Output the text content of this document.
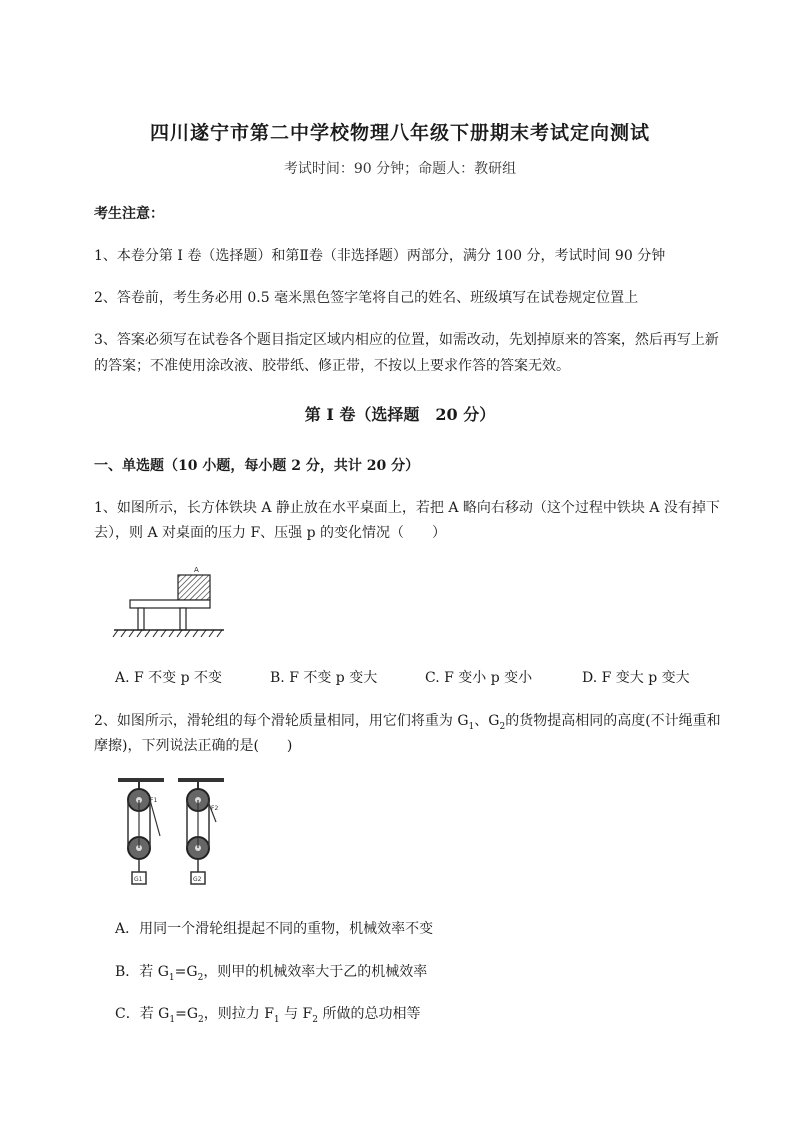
四川遂宁市第二中学校物理八年级下册期末考试定向测试
考试时间：90 分钟；命题人：教研组
考生注意：
1、本卷分第 I 卷（选择题）和第Ⅱ卷（非选择题）两部分，满分 100 分，考试时间 90 分钟
2、答卷前，考生务必用 0.5 毫米黑色签字笔将自己的姓名、班级填写在试卷规定位置上
3、答案必须写在试卷各个题目指定区域内相应的位置，如需改动，先划掉原来的答案，然后再写上新
的答案；不准使用涂改液、胶带纸、修正带，不按以上要求作答的答案无效。
第 I 卷（选择题　20 分）
一、单选题（10 小题，每小题 2 分，共计 20 分）
1、如图所示，长方体铁块 A 静止放在水平桌面上，若把 A 略向右移动（这个过程中铁块 A 没有掉下
去），则 A 对桌面的压力 F、压强 p 的变化情况（　　）
A
A. F 不变 p 不变	B. F 不变 p 变大	C. F 变小 p 变小	D. F 变大 p 变大
2、如图所示，滑轮组的每个滑轮质量相同，用它们将重为 $G_1$、$G_2$的货物提高相同的高度(不计绳重和
摩擦)，下列说法正确的是(　　)
F1
G1
F2
G2
A．用同一个滑轮组提起不同的重物，机械效率不变
B．若 $G_1=G_2$，则甲的机械效率大于乙的机械效率
C．若 $G_1=G_2$，则拉力 $F_1$ 与 $F_2$ 所做的总功相等
